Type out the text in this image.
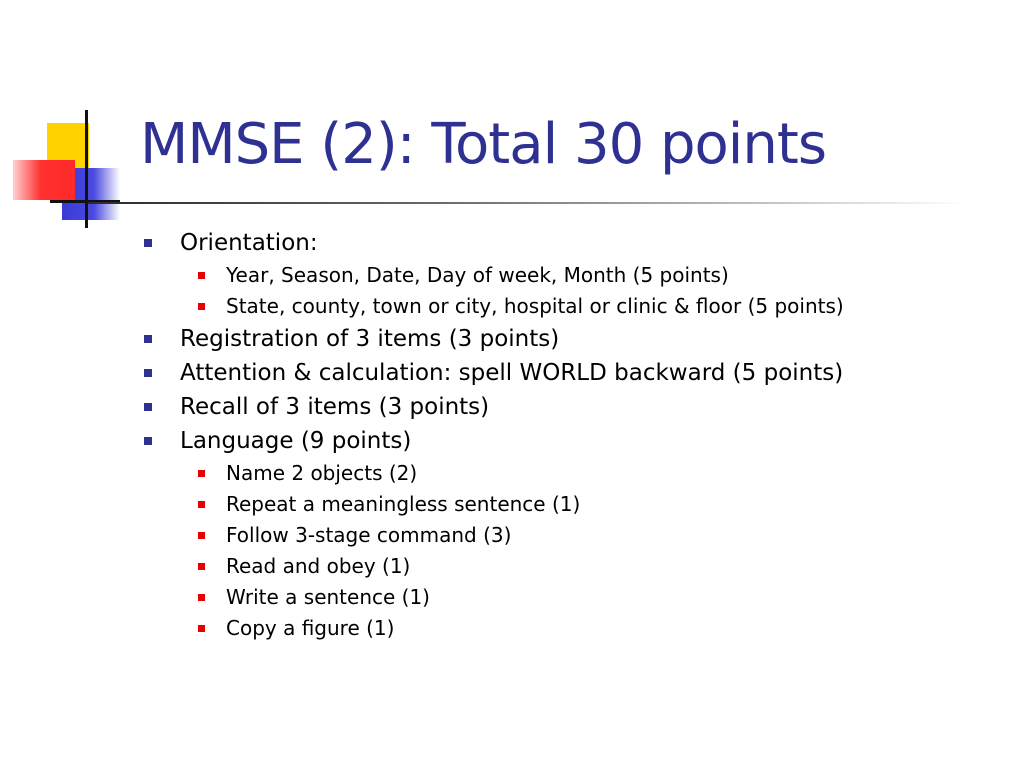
MMSE (2): Total 30 points
Orientation:
Year, Season, Date, Day of week, Month (5 points)
State, county, town or city, hospital or clinic & floor (5 points)
Registration of 3 items (3 points)
Attention & calculation: spell WORLD backward (5 points)
Recall of 3 items (3 points)
Language (9 points)
Name 2 objects (2)
Repeat a meaningless sentence (1)
Follow 3-stage command (3)
Read and obey (1)
Write a sentence (1)
Copy a figure (1)
